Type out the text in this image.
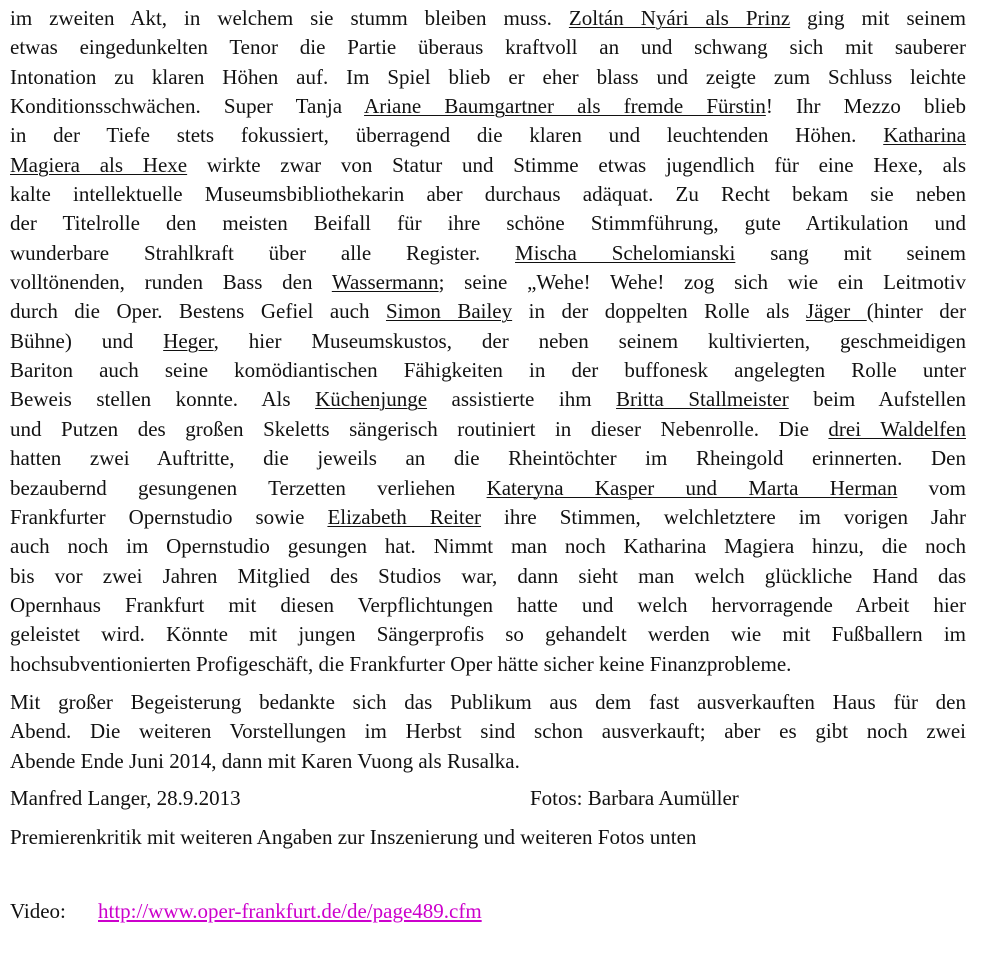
im zweiten Akt, in welchem sie stumm bleiben muss. Zoltán Nyári als Prinz ging mit seinem
etwas eingedunkelten Tenor die Partie überaus kraftvoll an und schwang sich mit sauberer
Intonation zu klaren Höhen auf. Im Spiel blieb er eher blass und zeigte zum Schluss leichte
Konditionsschwächen. Super Tanja Ariane Baumgartner als fremde Fürstin! Ihr Mezzo blieb
in der Tiefe stets fokussiert, überragend die klaren und leuchtenden Höhen. Katharina
Magiera als Hexe wirkte zwar von Statur und Stimme etwas jugendlich für eine Hexe, als
kalte intellektuelle Museumsbibliothekarin aber durchaus adäquat. Zu Recht bekam sie neben
der Titelrolle den meisten Beifall für ihre schöne Stimmführung, gute Artikulation und
wunderbare Strahlkraft über alle Register. Mischa Schelomianski sang mit seinem
volltönenden, runden Bass den Wassermann; seine „Wehe! Wehe! zog sich wie ein Leitmotiv
durch die Oper. Bestens Gefiel auch Simon Bailey in der doppelten Rolle als Jäger (hinter der
Bühne) und Heger, hier Museumskustos, der neben seinem kultivierten, geschmeidigen
Bariton auch seine komödiantischen Fähigkeiten in der buffonesk angelegten Rolle unter
Beweis stellen konnte. Als Küchenjunge assistierte ihm Britta Stallmeister beim Aufstellen
und Putzen des großen Skeletts sängerisch routiniert in dieser Nebenrolle. Die drei Waldelfen
hatten zwei Auftritte, die jeweils an die Rheintöchter im Rheingold erinnerten. Den
bezaubernd gesungenen Terzetten verliehen Kateryna Kasper und Marta Herman vom
Frankfurter Opernstudio sowie Elizabeth Reiter ihre Stimmen, welchletztere im vorigen Jahr
auch noch im Opernstudio gesungen hat. Nimmt man noch Katharina Magiera hinzu, die noch
bis vor zwei Jahren Mitglied des Studios war, dann sieht man welch glückliche Hand das
Opernhaus Frankfurt mit diesen Verpflichtungen hatte und welch hervorragende Arbeit hier
geleistet wird. Könnte mit jungen Sängerprofis so gehandelt werden wie mit Fußballern im
hochsubventionierten Profigeschäft, die Frankfurter Oper hätte sicher keine Finanzprobleme.
Mit großer Begeisterung bedankte sich das Publikum aus dem fast ausverkauften Haus für den
Abend. Die weiteren Vorstellungen im Herbst sind schon ausverkauft; aber es gibt noch zwei
Abende Ende Juni 2014, dann mit Karen Vuong als Rusalka.
Manfred Langer, 28.9.2013	Fotos: Barbara Aumüller
Premierenkritik mit weiteren Angaben zur Inszenierung und weiteren Fotos unten
Video: http://www.oper-frankfurt.de/de/page489.cfm
